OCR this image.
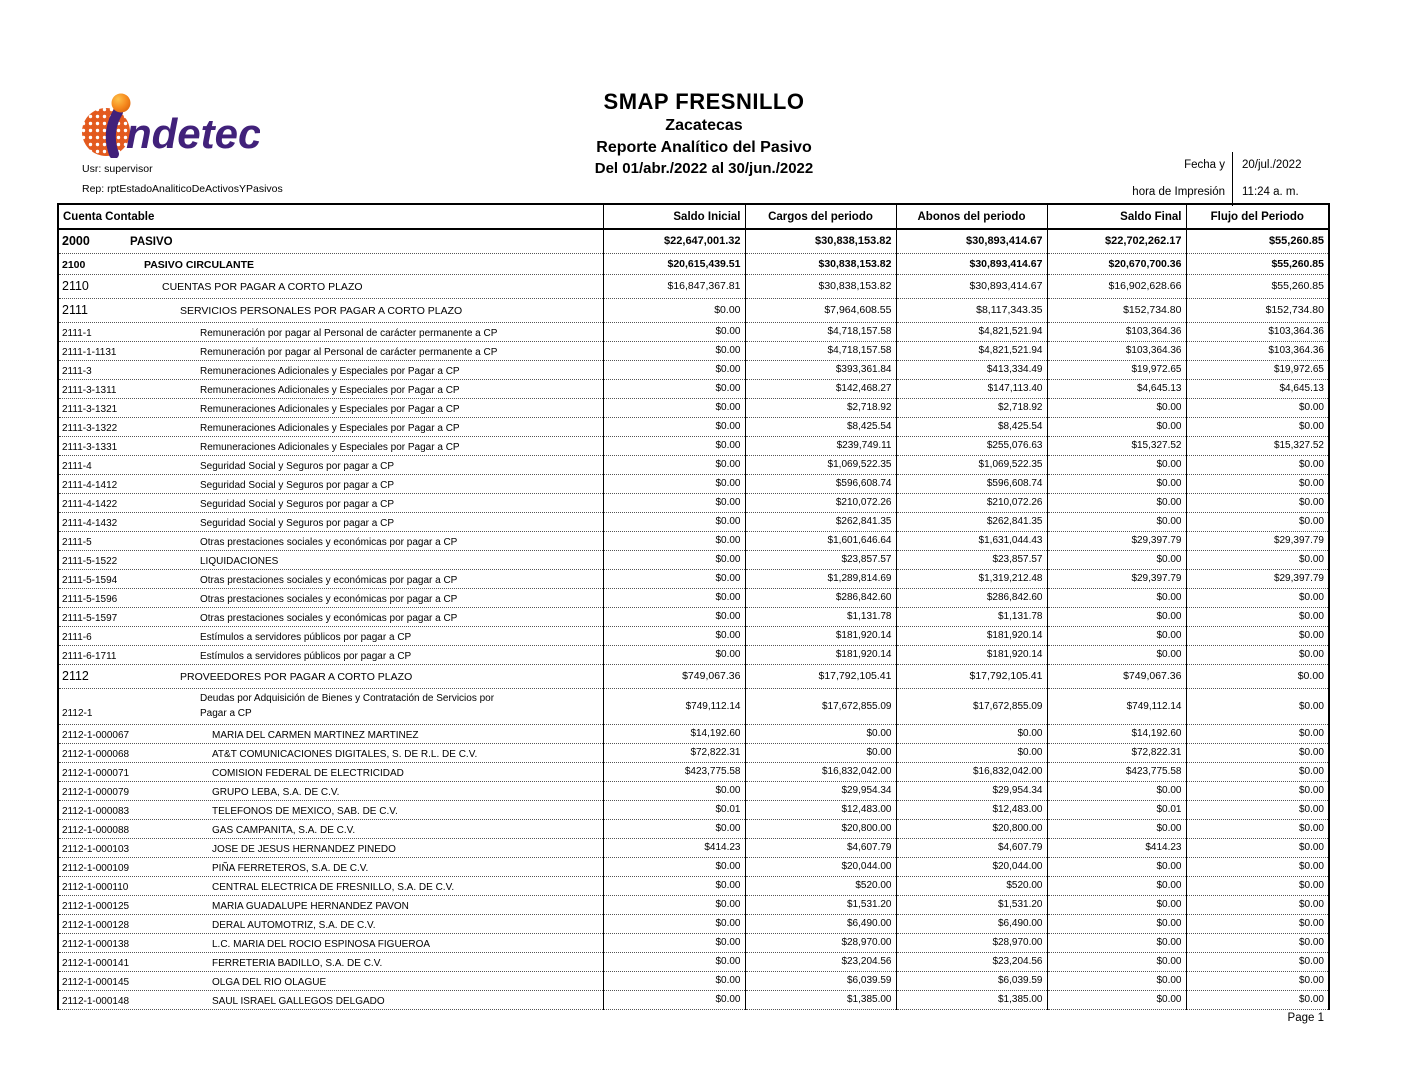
ndetec
Usr: supervisor
Rep: rptEstadoAnaliticoDeActivosYPasivos
SMAP FRESNILLO
Zacatecas
Reporte Analítico del Pasivo
Del 01/abr./2022 al 30/jun./2022	Fecha y
hora de Impresión
20/jul./2022
11:24 a. m.
Cuenta Contable	Saldo Inicial	Cargos del periodo	Abonos del periodo	Saldo Final	Flujo del Periodo
2000 PASIVO	$22,647,001.32	$30,838,153.82	$30,893,414.67	$22,702,262.17	$55,260.85
2100 PASIVO CIRCULANTE	$20,615,439.51	$30,838,153.82	$30,893,414.67	$20,670,700.36	$55,260.85
2110 CUENTAS POR PAGAR A CORTO PLAZO	$16,847,367.81	$30,838,153.82	$30,893,414.67	$16,902,628.66	$55,260.85
2111 SERVICIOS PERSONALES POR PAGAR A CORTO PLAZO	$0.00	$7,964,608.55	$8,117,343.35	$152,734.80	$152,734.80
2111-1 Remuneración por pagar al Personal de carácter permanente a CP	$0.00	$4,718,157.58	$4,821,521.94	$103,364.36	$103,364.36
2111-1-1131 Remuneración por pagar al Personal de carácter permanente a CP	$0.00	$4,718,157.58	$4,821,521.94	$103,364.36	$103,364.36
2111-3 Remuneraciones Adicionales y Especiales por Pagar a CP	$0.00	$393,361.84	$413,334.49	$19,972.65	$19,972.65
2111-3-1311 Remuneraciones Adicionales y Especiales por Pagar a CP	$0.00	$142,468.27	$147,113.40	$4,645.13	$4,645.13
2111-3-1321 Remuneraciones Adicionales y Especiales por Pagar a CP	$0.00	$2,718.92	$2,718.92	$0.00	$0.00
2111-3-1322 Remuneraciones Adicionales y Especiales por Pagar a CP	$0.00	$8,425.54	$8,425.54	$0.00	$0.00
2111-3-1331 Remuneraciones Adicionales y Especiales por Pagar a CP	$0.00	$239,749.11	$255,076.63	$15,327.52	$15,327.52
2111-4 Seguridad Social y Seguros por pagar a CP	$0.00	$1,069,522.35	$1,069,522.35	$0.00	$0.00
2111-4-1412 Seguridad Social y Seguros por pagar a CP	$0.00	$596,608.74	$596,608.74	$0.00	$0.00
2111-4-1422 Seguridad Social y Seguros por pagar a CP	$0.00	$210,072.26	$210,072.26	$0.00	$0.00
2111-4-1432 Seguridad Social y Seguros por pagar a CP	$0.00	$262,841.35	$262,841.35	$0.00	$0.00
2111-5 Otras prestaciones sociales y económicas por pagar a CP	$0.00	$1,601,646.64	$1,631,044.43	$29,397.79	$29,397.79
2111-5-1522 LIQUIDACIONES	$0.00	$23,857.57	$23,857.57	$0.00	$0.00
2111-5-1594 Otras prestaciones sociales y económicas por pagar a CP	$0.00	$1,289,814.69	$1,319,212.48	$29,397.79	$29,397.79
2111-5-1596 Otras prestaciones sociales y económicas por pagar a CP	$0.00	$286,842.60	$286,842.60	$0.00	$0.00
2111-5-1597 Otras prestaciones sociales y económicas por pagar a CP	$0.00	$1,131.78	$1,131.78	$0.00	$0.00
2111-6 Estímulos a servidores públicos por pagar a CP	$0.00	$181,920.14	$181,920.14	$0.00	$0.00
2111-6-1711 Estímulos a servidores públicos por pagar a CP	$0.00	$181,920.14	$181,920.14	$0.00	$0.00
2112 PROVEEDORES POR PAGAR A CORTO PLAZO	$749,067.36	$17,792,105.41	$17,792,105.41	$749,067.36	$0.00

Deudas por Adquisición de Bienes y Contratación de Servicios por
2112-1 Pagar a CP	$749,112.14	$17,672,855.09	$17,672,855.09	$749,112.14	$0.00
2112-1-000067 MARIA DEL CARMEN MARTINEZ MARTINEZ	$14,192.60	$0.00	$0.00	$14,192.60	$0.00
2112-1-000068 AT&T COMUNICACIONES DIGITALES, S. DE R.L. DE C.V.	$72,822.31	$0.00	$0.00	$72,822.31	$0.00
2112-1-000071 COMISION FEDERAL DE ELECTRICIDAD	$423,775.58	$16,832,042.00	$16,832,042.00	$423,775.58	$0.00
2112-1-000079 GRUPO LEBA, S.A. DE C.V.	$0.00	$29,954.34	$29,954.34	$0.00	$0.00
2112-1-000083 TELEFONOS DE MEXICO, SAB. DE C.V.	$0.01	$12,483.00	$12,483.00	$0.01	$0.00
2112-1-000088 GAS CAMPANITA, S.A. DE C.V.	$0.00	$20,800.00	$20,800.00	$0.00	$0.00
2112-1-000103 JOSE DE JESUS HERNANDEZ PINEDO	$414.23	$4,607.79	$4,607.79	$414.23	$0.00
2112-1-000109 PIÑA FERRETEROS, S.A. DE C.V.	$0.00	$20,044.00	$20,044.00	$0.00	$0.00
2112-1-000110 CENTRAL ELECTRICA DE FRESNILLO, S.A. DE C.V.	$0.00	$520.00	$520.00	$0.00	$0.00
2112-1-000125 MARIA GUADALUPE HERNANDEZ PAVON	$0.00	$1,531.20	$1,531.20	$0.00	$0.00
2112-1-000128 DERAL AUTOMOTRIZ, S.A. DE C.V.	$0.00	$6,490.00	$6,490.00	$0.00	$0.00
2112-1-000138 L.C. MARIA DEL ROCIO ESPINOSA FIGUEROA	$0.00	$28,970.00	$28,970.00	$0.00	$0.00
2112-1-000141 FERRETERIA BADILLO, S.A. DE C.V.	$0.00	$23,204.56	$23,204.56	$0.00	$0.00
2112-1-000145 OLGA DEL RIO OLAGUE	$0.00	$6,039.59	$6,039.59	$0.00	$0.00
2112-1-000148 SAUL ISRAEL GALLEGOS DELGADO	$0.00	$1,385.00	$1,385.00	$0.00	$0.00
Page 1
